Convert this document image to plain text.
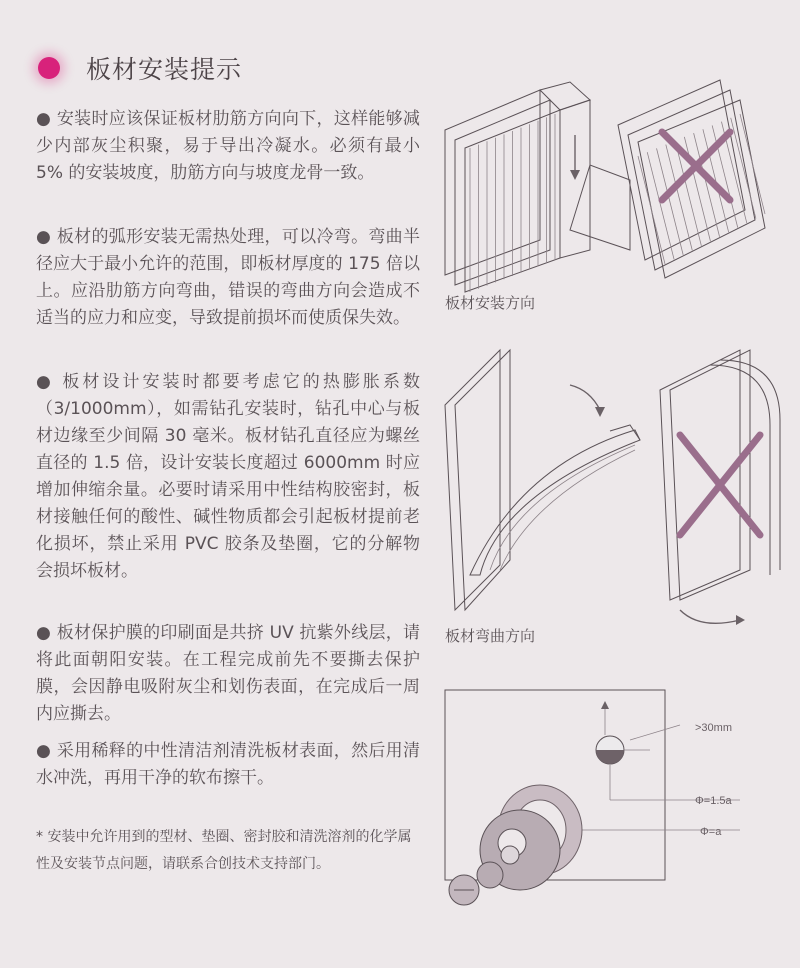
板材安装提示
● 安装时应该保证板材肋筋方向向下，这样能够减少内部灰尘积聚，易于导出冷凝水。必须有最小 5% 的安装坡度，肋筋方向与坡度龙骨一致。
● 板材的弧形安装无需热处理，可以冷弯。弯曲半径应大于最小允许的范围，即板材厚度的 175 倍以上。应沿肋筋方向弯曲，错误的弯曲方向会造成不适当的应力和应变，导致提前损坏而使质保失效。
● 板材设计安装时都要考虑它的热膨胀系数（3/1000mm），如需钻孔安装时，钻孔中心与板材边缘至少间隔 30 毫米。板材钻孔直径应为螺丝直径的 1.5 倍，设计安装长度超过 6000mm 时应增加伸缩余量。必要时请采用中性结构胶密封，板材接触任何的酸性、碱性物质都会引起板材提前老化损坏，禁止采用 PVC 胶条及垫圈，它的分解物会损坏板材。
● 板材保护膜的印刷面是共挤 UV 抗紫外线层，请将此面朝阳安装。在工程完成前先不要撕去保护膜，会因静电吸附灰尘和划伤表面，在完成后一周内应撕去。
● 采用稀释的中性清洁剂清洗板材表面，然后用清水冲洗，再用干净的软布擦干。
* 安装中允许用到的型材、垫圈、密封胶和清洗溶剂的化学属性及安装节点问题，请联系合创技术支持部门。
板材安装方向
板材弯曲方向
>30mm
Φ=1.5a
Φ=a
